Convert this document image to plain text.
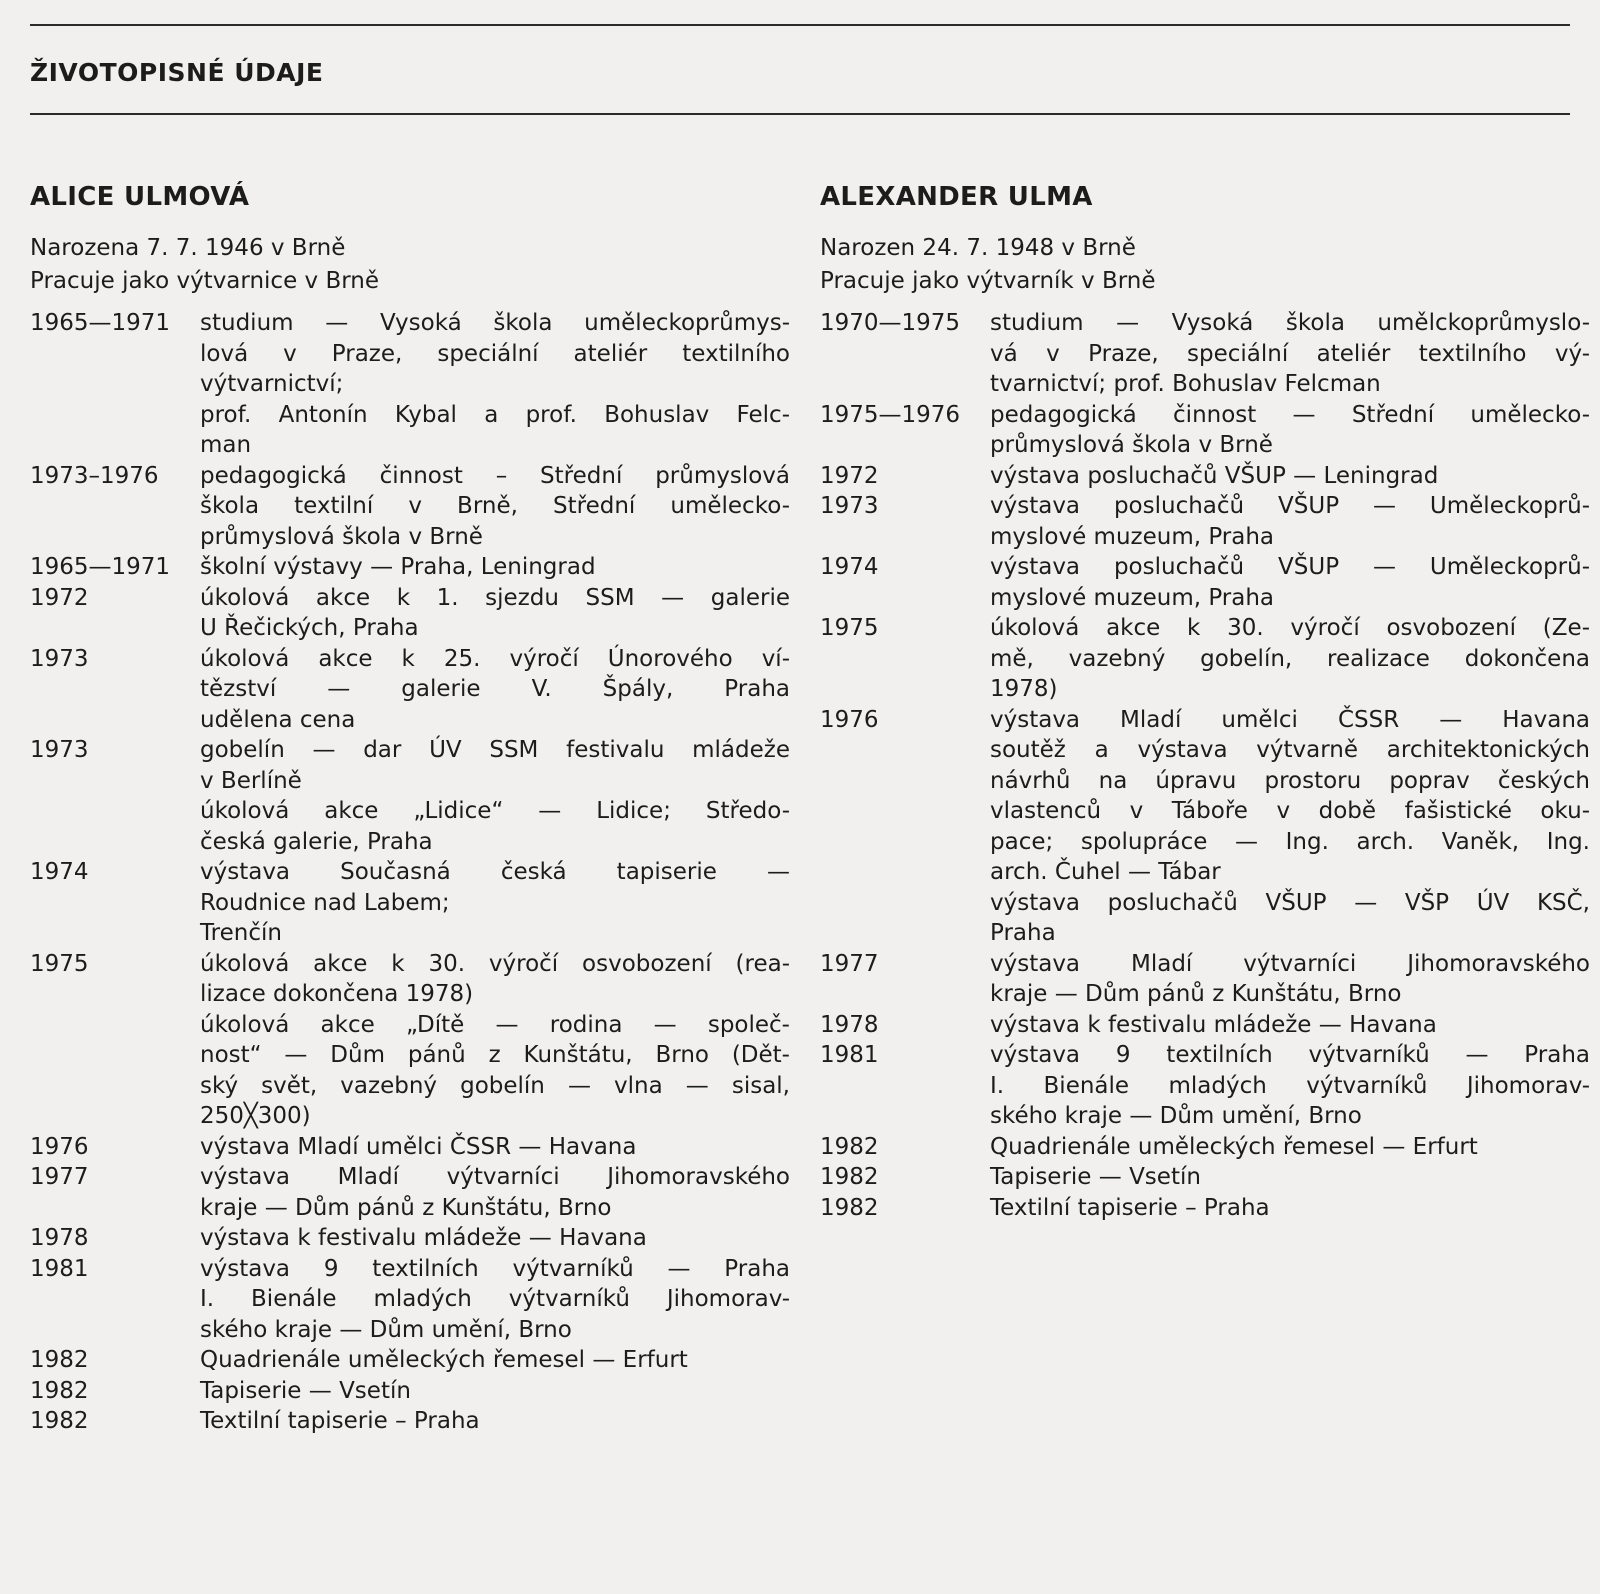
ŽIVOTOPISNÉ ÚDAJE
ALICE ULMOVÁ
Narozena 7. 7. 1946 v Brně
Pracuje jako výtvarnice v Brně
1965—1971	studium — Vysoká škola uměleckoprůmys-
lová v Praze, speciální ateliér textilního
výtvarnictví;
prof. Antonín Kybal a prof. Bohuslav Felc-
man
1973–1976	pedagogická činnost – Střední průmyslová
škola textilní v Brně, Střední umělecko-
průmyslová škola v Brně
1965—1971	školní výstavy — Praha, Leningrad
1972	úkolová akce k 1. sjezdu SSM — galerie
U Řečických, Praha
1973	úkolová akce k 25. výročí Únorového ví-
tězství — galerie V. Špály, Praha
udělena cena
1973	gobelín — dar ÚV SSM festivalu mládeže
v Berlíně
úkolová akce „Lidice“ — Lidice; Středo-
česká galerie, Praha
1974	výstava Současná česká tapiserie —
Roudnice nad Labem;
Trenčín
1975	úkolová akce k 30. výročí osvobození (rea-
lizace dokončena 1978)
úkolová akce „Dítě — rodina — společ-
nost“ — Dům pánů z Kunštátu, Brno (Dět-
ský svět, vazebný gobelín — vlna — sisal,
250╳300)
1976	výstava Mladí umělci ČSSR — Havana
1977	výstava Mladí výtvarníci Jihomoravského
kraje — Dům pánů z Kunštátu, Brno
1978	výstava k festivalu mládeže — Havana
1981	výstava 9 textilních výtvarníků — Praha
I. Bienále mladých výtvarníků Jihomorav-
ského kraje — Dům umění, Brno
1982	Quadrienále uměleckých řemesel — Erfurt
1982	Tapiserie — Vsetín
1982	Textilní tapiserie – Praha
ALEXANDER ULMA
Narozen 24. 7. 1948 v Brně
Pracuje jako výtvarník v Brně
1970—1975	studium — Vysoká škola umělckoprůmyslo-
vá v Praze, speciální ateliér textilního vý-
tvarnictví; prof. Bohuslav Felcman
1975—1976	pedagogická činnost — Střední umělecko-
průmyslová škola v Brně
1972	výstava posluchačů VŠUP — Leningrad
1973	výstava posluchačů VŠUP — Uměleckoprů-
myslové muzeum, Praha
1974	výstava posluchačů VŠUP — Uměleckoprů-
myslové muzeum, Praha
1975	úkolová akce k 30. výročí osvobození (Ze-
mě, vazebný gobelín, realizace dokončena
1978)
1976	výstava Mladí umělci ČSSR — Havana
soutěž a výstava výtvarně architektonických
návrhů na úpravu prostoru poprav českých
vlastenců v Táboře v době fašistické oku-
pace; spolupráce — Ing. arch. Vaněk, Ing.
arch. Čuhel — Tábar
výstava posluchačů VŠUP — VŠP ÚV KSČ,
Praha
1977	výstava Mladí výtvarníci Jihomoravského
kraje — Dům pánů z Kunštátu, Brno
1978	výstava k festivalu mládeže — Havana
1981	výstava 9 textilních výtvarníků — Praha
I. Bienále mladých výtvarníků Jihomorav-
ského kraje — Dům umění, Brno
1982	Quadrienále uměleckých řemesel — Erfurt
1982	Tapiserie — Vsetín
1982	Textilní tapiserie – Praha
